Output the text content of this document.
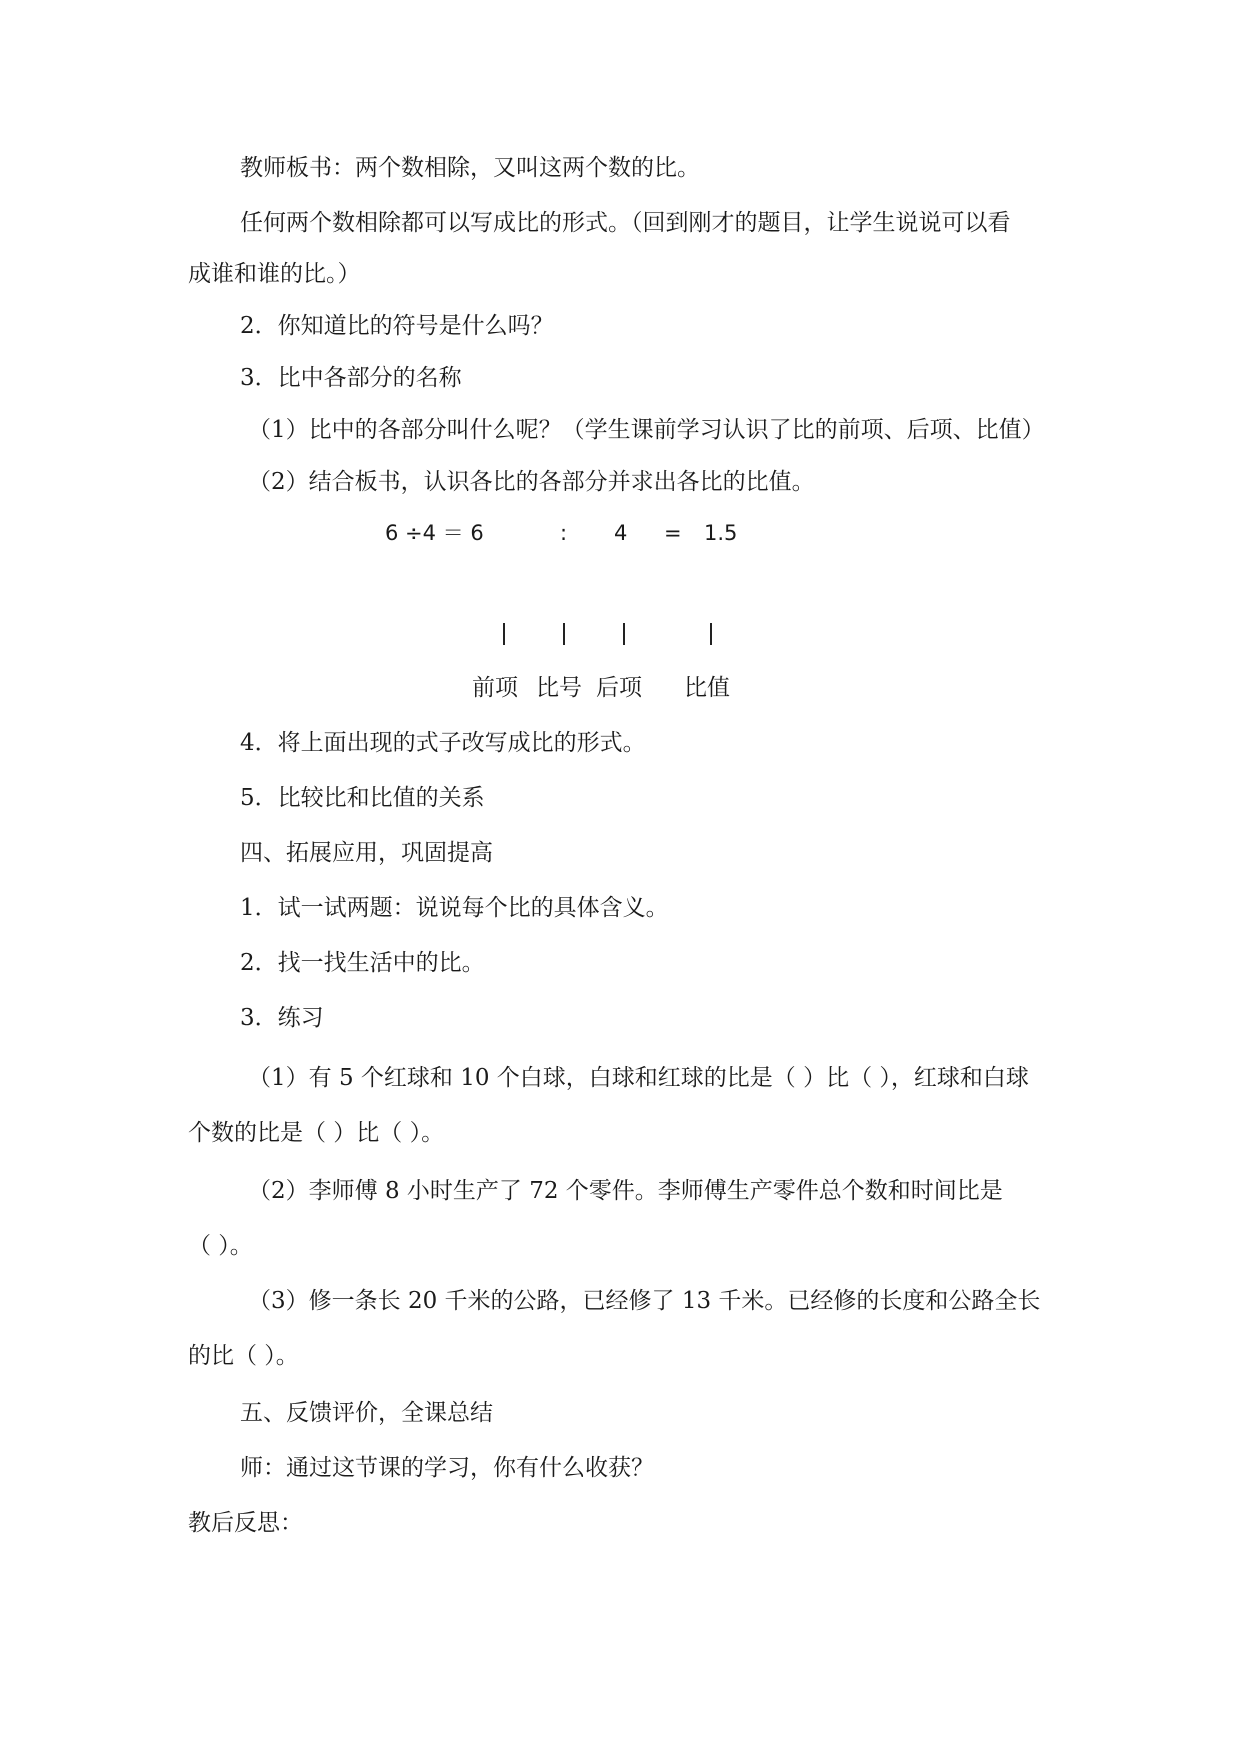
教师板书：两个数相除，又叫这两个数的比。
任何两个数相除都可以写成比的形式。（回到刚才的题目，让学生说说可以看
成谁和谁的比。）
2．你知道比的符号是什么吗？
3．比中各部分的名称
（1）比中的各部分叫什么呢？（学生课前学习认识了比的前项、后项、比值）
（2）结合板书，认识各比的各部分并求出各比的比值。
6 ÷4 ＝ 6	: 4 = 1.5
前项 比号 后项 比值
4．将上面出现的式子改写成比的形式。
5．比较比和比值的关系
四、拓展应用，巩固提高
1．试一试两题：说说每个比的具体含义。
2．找一找生活中的比。
3．练习
（1）有 5 个红球和 10 个白球，白球和红球的比是（ ）比（ ），红球和白球
个数的比是（ ）比（ ）。
（2）李师傅 8 小时生产了 72 个零件。李师傅生产零件总个数和时间比是
（ ）。
（3）修一条长 20 千米的公路，已经修了 13 千米。已经修的长度和公路全长
的比（ ）。
五、反馈评价，全课总结
师：通过这节课的学习，你有什么收获？
教后反思：
